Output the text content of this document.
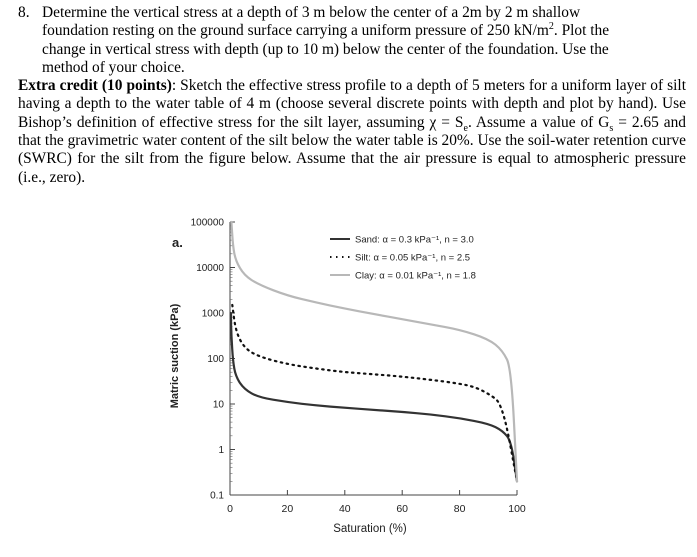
8. Determine the vertical stress at a depth of 3 m below the center of a 2m by 2 m shallow
foundation resting on the ground surface carrying a uniform pressure of 250 $kN/m^2$. Plot the
change in vertical stress with depth (up to 10 m) below the center of the foundation. Use the
method of your choice.
Extra credit (10 points): Sketch the effective stress profile to a depth of 5 meters for a uniform layer of silt having a depth to the water table of 4 m (choose several discrete points with depth and plot by hand). Use Bishop’s definition of effective stress for the silt layer, assuming $\chi = S_e$. Assume a value of $G_s = 2.65$ and that the gravimetric water content of the silt below the water table is 20%. Use the soil-water retention curve (SWRC) for the silt from the figure below. Assume that the air pressure is equal to atmospheric pressure (i.e., zero).
a.
Matric suction (kPa)
Saturation (%)
0.1
1
10
100
1000
10000
100000
0	20	40	60	80	100
Sand: α = 0.3 kPa⁻¹, n = 3.0
Silt: α = 0.05 kPa⁻¹, n = 2.5
Clay: α = 0.01 kPa⁻¹, n = 1.8
